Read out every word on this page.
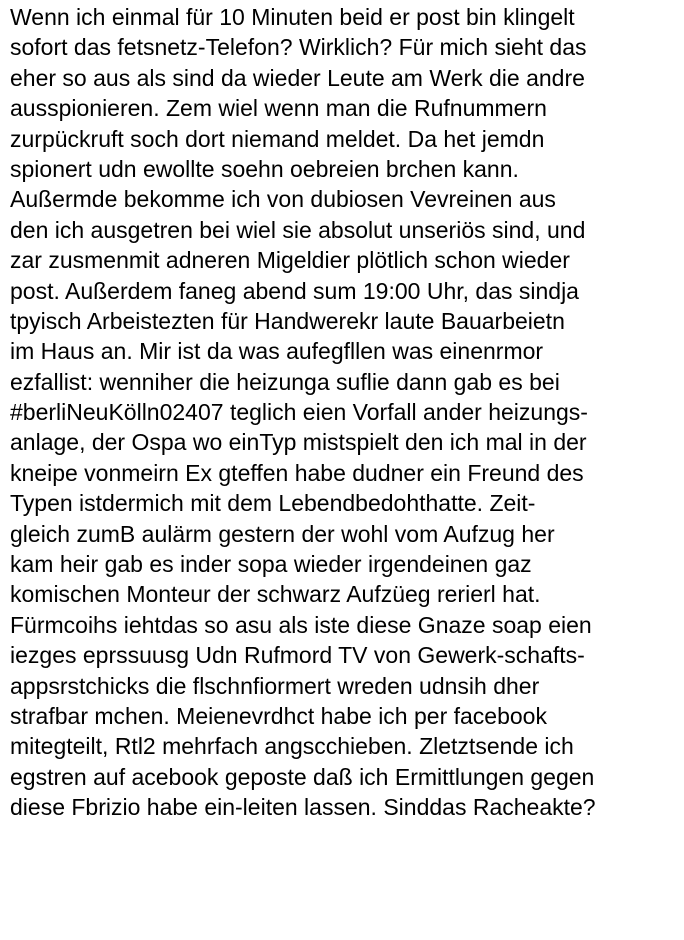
Wenn ich einmal für 10 Minuten beid er post bin klingelt
sofort das fetsnetz-Telefon? Wirklich? Für mich sieht das
eher so aus als sind da wieder Leute am Werk die andre
ausspionieren. Zem wiel wenn man die Rufnummern
zurpückruft soch dort niemand meldet. Da het jemdn
spionert udn ewollte soehn oebreien brchen kann.
Außermde bekomme ich von dubiosen Vevreinen aus
den ich ausgetren bei wiel sie absolut unseriös sind, und
zar zusmenmit adneren Migeldier plötlich schon wieder
post. Außerdem faneg abend sum 19:00 Uhr, das sindja
tpyisch Arbeistezten für Handwerekr laute Bauarbeietn
im Haus an. Mir ist da was aufegfllen was einenrmor
ezfallist: wenniher die heizunga suflie dann gab es bei
#berliNeuKölln02407 teglich eien Vorfall ander heizungs-
anlage, der Ospa wo einTyp mistspielt den ich mal in der
kneipe vonmeirn Ex gteffen habe dudner ein Freund des
Typen istdermich mit dem Lebendbedohthatte. Zeit-
gleich zumB aulärm gestern der wohl vom Aufzug her
kam heir gab es inder sopa wieder irgendeinen gaz
komischen Monteur der schwarz Aufzüeg rerierl hat.
Fürmcoihs iehtdas so asu als iste diese Gnaze soap eien
iezges eprssuusg Udn Rufmord TV von Gewerk-schafts-
appsrstchicks die flschnfiormert wreden udnsih dher
strafbar mchen. Meienevrdhct habe ich per facebook
mitegteilt, Rtl2 mehrfach angscchieben. Zletztsende ich
egstren auf acebook geposte daß ich Ermittlungen gegen
diese Fbrizio habe ein-leiten lassen. Sinddas Racheakte?
